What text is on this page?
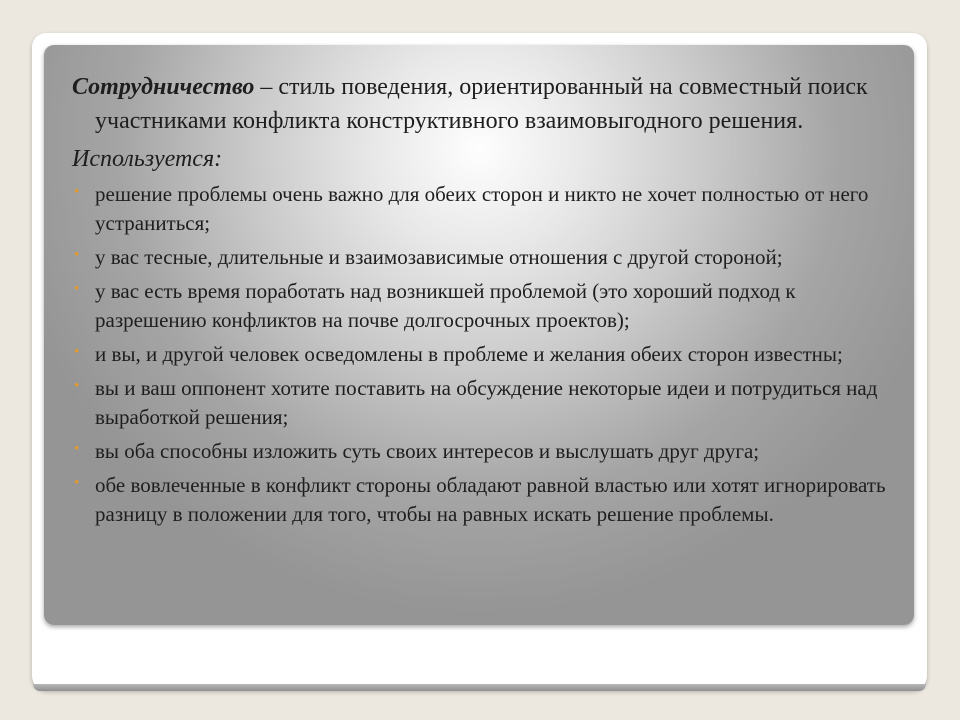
Сотрудничество – стиль поведения, ориентированный на совместный поиск участниками конфликта конструктивного взаимовыгодного решения.

Используется:

• решение проблемы очень важно для обеих сторон и никто не хочет полностью от него устраниться;
• у вас тесные, длительные и взаимозависимые отношения с другой стороной;
• у вас есть время поработать над возникшей проблемой (это хороший подход к разрешению конфликтов на почве долгосрочных проектов);
• и вы, и другой человек осведомлены в проблеме и желания обеих сторон известны;
• вы и ваш оппонент хотите поставить на обсуждение некоторые идеи и потрудиться над выработкой решения;
• вы оба способны изложить суть своих интересов и выслушать друг друга;
• обе вовлеченные в конфликт стороны обладают равной властью или хотят игнорировать разницу в положении для того, чтобы на равных искать решение проблемы.
